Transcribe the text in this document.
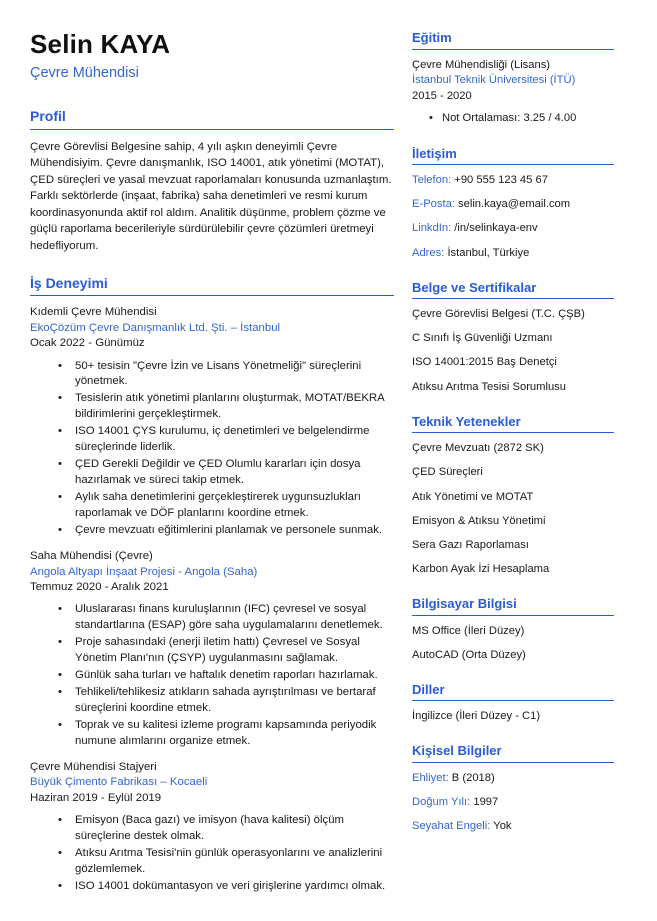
Selin KAYA
Çevre Mühendisi
Profil

Çevre Görevlisi Belgesine sahip, 4 yılı aşkın deneyimli Çevre Mühendisiyim. Çevre danışmanlık, ISO 14001, atık yönetimi (MOTAT), ÇED süreçleri ve yasal mevzuat raporlamaları konusunda uzmanlaştım. Farklı sektörlerde (inşaat, fabrika) saha denetimleri ve resmi kurum koordinasyonunda aktif rol aldım. Analitik düşünme, problem çözme ve güçlü raporlama becerileriyle sürdürülebilir çevre çözümleri üretmeyi hedefliyorum.

İş Deneyimi
Kıdemli Çevre Mühendisi
EkoÇözüm Çevre Danışmanlık Ltd. Şti. – İstanbul
Ocak 2022 - Günümüz
• 50+ tesisin "Çevre İzin ve Lisans Yönetmeliği" süreçlerini yönetmek.
• Tesislerin atık yönetimi planlarını oluşturmak, MOTAT/BEKRA bildirimlerini gerçekleştirmek.
• ISO 14001 ÇYS kurulumu, iç denetimleri ve belgelendirme süreçlerinde liderlik.
• ÇED Gerekli Değildir ve ÇED Olumlu kararları için dosya hazırlamak ve süreci takip etmek.
• Aylık saha denetimlerini gerçekleştirerek uygunsuzlukları raporlamak ve DÖF planlarını koordine etmek.
• Çevre mevzuatı eğitimlerini planlamak ve personele sunmak.
Saha Mühendisi (Çevre)
Angola Altyapı İnşaat Projesi - Angola (Saha)
Temmuz 2020 - Aralık 2021
• Uluslararası finans kuruluşlarının (IFC) çevresel ve sosyal standartlarına (ESAP) göre saha uygulamalarını denetlemek.
• Proje sahasındaki (enerji iletim hattı) Çevresel ve Sosyal Yönetim Planı'nın (ÇSYP) uygulanmasını sağlamak.
• Günlük saha turları ve haftalık denetim raporları hazırlamak.
• Tehlikeli/tehlikesiz atıkların sahada ayrıştırılması ve bertaraf süreçlerini koordine etmek.
• Toprak ve su kalitesi izleme programı kapsamında periyodik numune alımlarını organize etmek.
Çevre Mühendisi Stajyeri
Büyük Çimento Fabrikası – Kocaeli
Haziran 2019 - Eylül 2019
• Emisyon (Baca gazı) ve imisyon (hava kalitesi) ölçüm süreçlerine destek olmak.
• Atıksu Arıtma Tesisi'nin günlük operasyonlarını ve analizlerini gözlemlemek.
• ISO 14001 dokümantasyon ve veri girişlerine yardımcı olmak.
Eğitim
Çevre Mühendisliği (Lisans)
İstanbul Teknik Üniversitesi (İTÜ)
2015 - 2020
• Not Ortalaması: 3.25 / 4.00
İletişim
Telefon: +90 555 123 45 67
E-Posta: selin.kaya@email.com
LinkdIn: /in/selinkaya-env
Adres: İstanbul, Türkiye
Belge ve Sertifikalar
Çevre Görevlisi Belgesi (T.C. ÇŞB)
C Sınıfı İş Güvenliği Uzmanı
ISO 14001:2015 Baş Denetçi
Atıksu Arıtma Tesisi Sorumlusu
Teknik Yetenekler
Çevre Mevzuatı (2872 SK)
ÇED Süreçleri
Atık Yönetimi ve MOTAT
Emisyon & Atıksu Yönetimi
Sera Gazı Raporlaması
Karbon Ayak İzi Hesaplama
Bilgisayar Bilgisi
MS Office (İleri Düzey)
AutoCAD (Orta Düzey)
Diller
İngilizce (İleri Düzey - C1)
Kişisel Bilgiler
Ehliyet: B (2018)
Doğum Yılı: 1997
Seyahat Engeli: Yok
